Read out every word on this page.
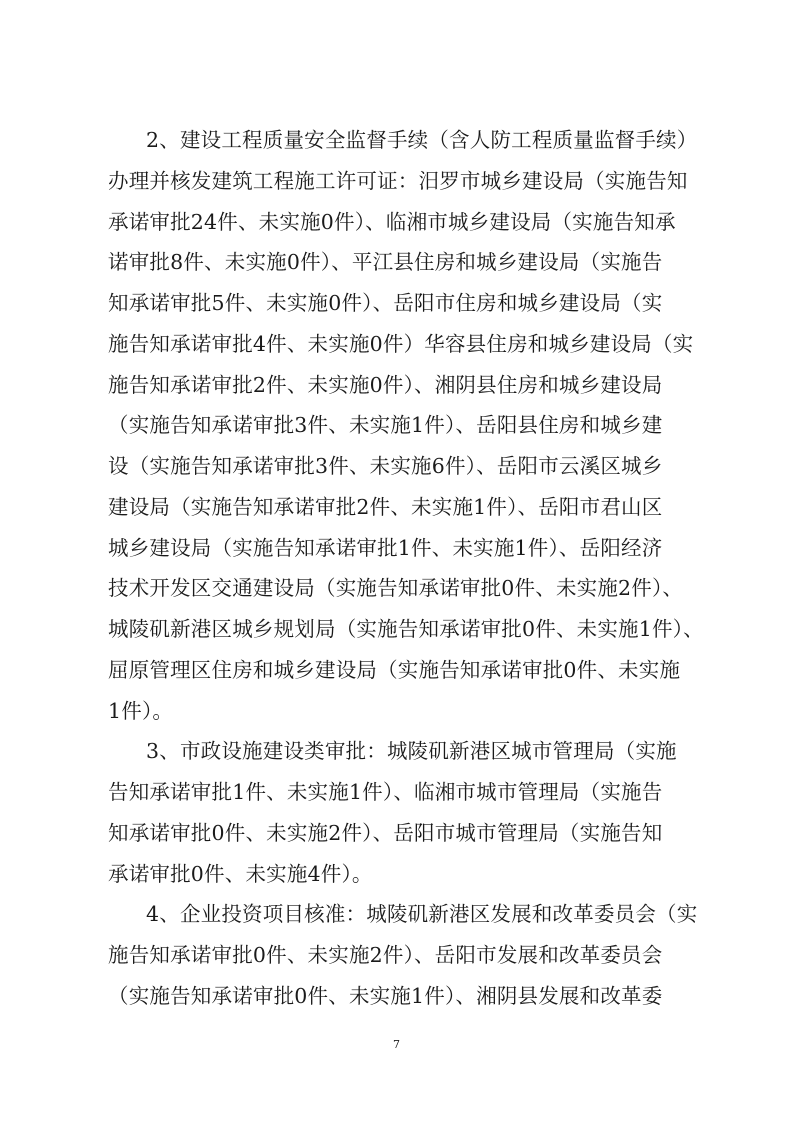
2、建设工程质量安全监督手续（含人防工程质量监督手续）

办理并核发建筑工程施工许可证：汨罗市城乡建设局（实施告知

承诺审批24件、未实施0件）、临湘市城乡建设局（实施告知承

诺审批8件、未实施0件）、平江县住房和城乡建设局（实施告

知承诺审批5件、未实施0件）、岳阳市住房和城乡建设局（实

施告知承诺审批4件、未实施0件）华容县住房和城乡建设局（实

施告知承诺审批2件、未实施0件）、湘阴县住房和城乡建设局

（实施告知承诺审批3件、未实施1件）、岳阳县住房和城乡建

设（实施告知承诺审批3件、未实施6件）、岳阳市云溪区城乡

建设局（实施告知承诺审批2件、未实施1件）、岳阳市君山区

城乡建设局（实施告知承诺审批1件、未实施1件）、岳阳经济

技术开发区交通建设局（实施告知承诺审批0件、未实施2件）、

城陵矶新港区城乡规划局（实施告知承诺审批0件、未实施1件）、

屈原管理区住房和城乡建设局（实施告知承诺审批0件、未实施

1件）。

3、市政设施建设类审批：城陵矶新港区城市管理局（实施

告知承诺审批1件、未实施1件）、临湘市城市管理局（实施告

知承诺审批0件、未实施2件）、岳阳市城市管理局（实施告知

承诺审批0件、未实施4件）。

4、企业投资项目核准：城陵矶新港区发展和改革委员会（实

施告知承诺审批0件、未实施2件）、岳阳市发展和改革委员会

7

（实施告知承诺审批0件、未实施1件）、湘阴县发展和改革委
